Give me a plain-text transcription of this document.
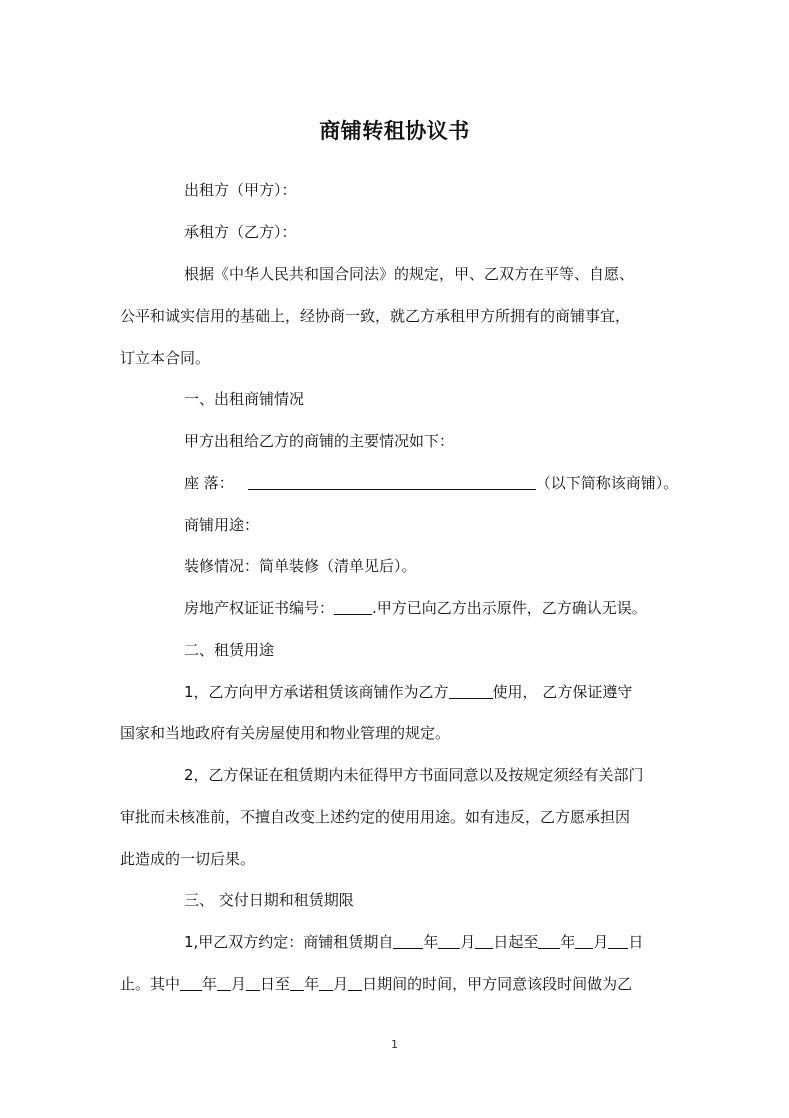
商铺转租协议书
出租方（甲方）：
承租方（乙方）：
根据《中华人民共和国合同法》的规定，甲、乙双方在平等、自愿、
公平和诚实信用的基础上，经协商一致，就乙方承租甲方所拥有的商铺事宜，
订立本合同。
一、出租商铺情况
甲方出租给乙方的商铺的主要情况如下：
座 落：	（以下简称该商铺）。
商铺用途：
装修情况：简单装修（清单见后）。
房地产权证证书编号：	.甲方已向乙方出示原件，乙方确认无误。
二、租赁用途
1，乙方向甲方承诺租赁该商铺作为乙方	使用， 乙方保证遵守
国家和当地政府有关房屋使用和物业管理的规定。
2，乙方保证在租赁期内未征得甲方书面同意以及按规定须经有关部门
审批而未核准前，不擅自改变上述约定的使用用途。如有违反，乙方愿承担因
此造成的一切后果。
三、 交付日期和租赁期限
1,甲乙双方约定：商铺租赁期自 年 月 日起至 年 月 日
止。其中 年 月 日至 年 月 日期间的时间，甲方同意该段时间做为乙
1
